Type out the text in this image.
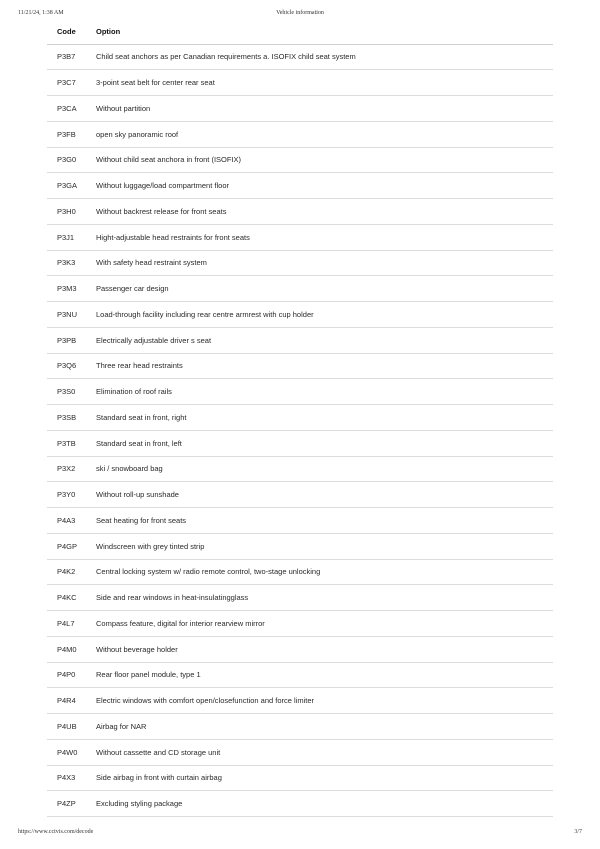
11/21/24, 1:38 AM	Vehicle information
Code	Option
P3B7	Child seat anchors as per Canadian requirements a. ISOFIX child seat system
P3C7	3-point seat belt for center rear seat
P3CA	Without partition
P3FB	open sky panoramic roof
P3G0	Without child seat anchora in front (ISOFIX)
P3GA	Without luggage/load compartment floor
P3H0	Without backrest release for front seats
P3J1	Hight-adjustable head restraints for front seats
P3K3	With safety head restraint system
P3M3	Passenger car design
P3NU	Load-through facility including rear centre armrest with cup holder
P3PB	Electrically adjustable driver s seat
P3Q6	Three rear head restraints
P3S0	Elimination of roof rails
P3SB	Standard seat in front, right
P3TB	Standard seat in front, left
P3X2	ski / snowboard bag
P3Y0	Without roll-up sunshade
P4A3	Seat heating for front seats
P4GP	Windscreen with grey tinted strip
P4K2	Central locking system w/ radio remote control, two-stage unlocking
P4KC	Side and rear windows in heat-insulatingglass
P4L7	Compass feature, digital for interior rearview mirror
P4M0	Without beverage holder
P4P0	Rear floor panel module, type 1
P4R4	Electric windows with comfort open/closefunction and force limiter
P4UB	Airbag for NAR
P4W0	Without cassette and CD storage unit
P4X3	Side airbag in front with curtain airbag
P4ZP	Excluding styling package
https://www.cctvis.com/decode	3/7
